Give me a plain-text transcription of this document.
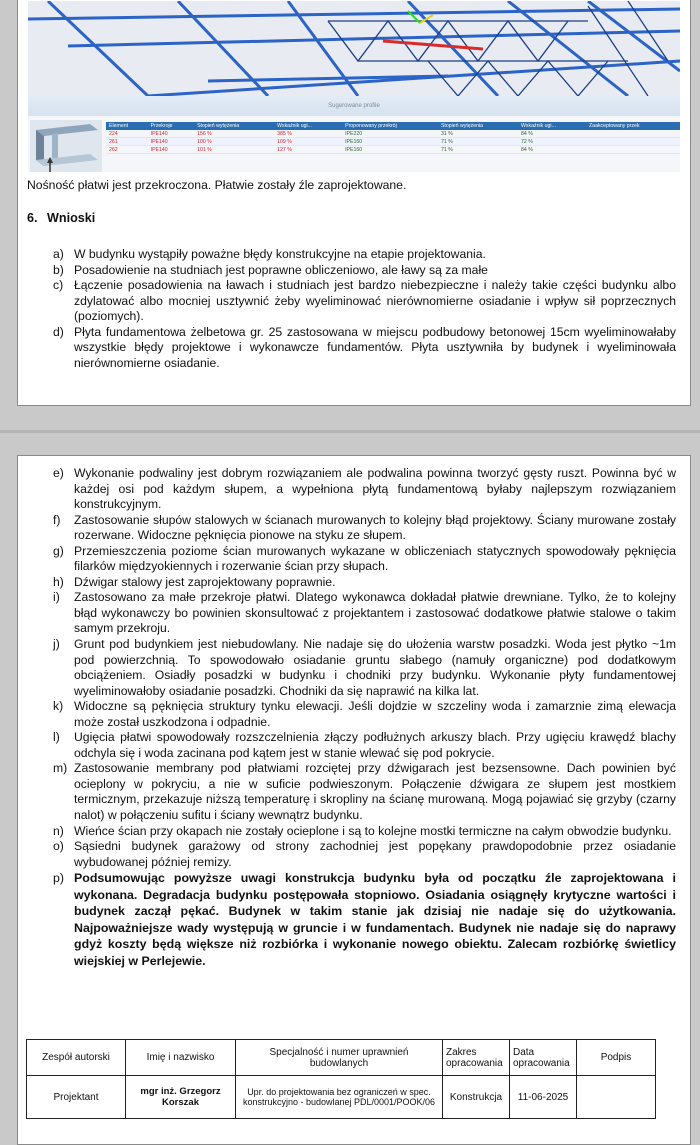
Sugerowane profile
Element	Przekroje	Stopień wytężenia	Wskaźnik ugi...	Proponowany przekrój	Stopień wytężenia	Wskaźnik ugi...	Zaakceptowany przek
224	IPE140	156 %	385 %	IPE220	31 %	84 %	
261	IPE140	100 %	109 %	IPE160	71 %	72 %	
262	IPE140	101 %	127 %	IPE160	71 %	84 %	
Nośność płatwi jest przekroczona. Płatwie zostały źle zaprojektowane.
6. Wnioski
a) W budynku wystąpiły poważne błędy konstrukcyjne na etapie projektowania.
b) Posadowienie na studniach jest poprawne obliczeniowo, ale ławy są za małe
c) Łączenie posadowienia na ławach i studniach jest bardzo niebezpieczne i należy takie części budynku albo zdylatować albo mocniej usztywnić żeby wyeliminować nierównomierne osiadanie i wpływ sił poprzecznych (poziomych).
d) Płyta fundamentowa żelbetowa gr. 25 zastosowana w miejscu podbudowy betonowej 15cm wyeliminowałaby wszystkie błędy projektowe i wykonawcze fundamentów. Płyta usztywniła by budynek i wyeliminowała nierównomierne osiadanie.
e) Wykonanie podwaliny jest dobrym rozwiązaniem ale podwalina powinna tworzyć gęsty ruszt. Powinna być w każdej osi pod każdym słupem, a wypełniona płytą fundamentową byłaby najlepszym rozwiązaniem konstrukcyjnym.
f) Zastosowanie słupów stalowych w ścianach murowanych to kolejny błąd projektowy. Ściany murowane zostały rozerwane. Widoczne pęknięcia pionowe na styku ze słupem.
g) Przemieszczenia poziome ścian murowanych wykazane w obliczeniach statycznych spowodowały pęknięcia filarków międzyokiennych i rozerwanie ścian przy słupach.
h) Dźwigar stalowy jest zaprojektowany poprawnie.
i) Zastosowano za małe przekroje płatwi. Dlatego wykonawca dokładał płatwie drewniane. Tylko, że to kolejny błąd wykonawczy bo powinien skonsultować z projektantem i zastosować dodatkowe płatwie stalowe o takim samym przekroju.
j) Grunt pod budynkiem jest niebudowlany. Nie nadaje się do ułożenia warstw posadzki. Woda jest płytko ~1m pod powierzchnią. To spowodowało osiadanie gruntu słabego (namuły organiczne) pod dodatkowym obciążeniem. Osiadły posadzki w budynku i chodniki przy budynku. Wykonanie płyty fundamentowej wyeliminowałoby osiadanie posadzki. Chodniki da się naprawić na kilka lat.
k) Widoczne są pęknięcia struktury tynku elewacji. Jeśli dojdzie w szczeliny woda i zamarznie zimą elewacja może został uszkodzona i odpadnie.
l) Ugięcia płatwi spowodowały rozszczelnienia złączy podłużnych arkuszy blach. Przy ugięciu krawędź blachy odchyla się i woda zacinana pod kątem jest w stanie wlewać się pod pokrycie.
m) Zastosowanie membrany pod płatwiami rozciętej przy dźwigarach jest bezsensowne. Dach powinien być ocieplony w pokryciu, a nie w suficie podwieszonym. Połączenie dźwigara ze słupem jest mostkiem termicznym, przekazuje niższą temperaturę i skropliny na ścianę murowaną. Mogą pojawiać się grzyby (czarny nalot) w połączeniu sufitu i ściany wewnątrz budynku.
n) Wieńce ścian przy okapach nie zostały ocieplone i są to kolejne mostki termiczne na całym obwodzie budynku.
o) Sąsiedni budynek garażowy od strony zachodniej jest popękany prawdopodobnie przez osiadanie wybudowanej później remizy.
p) Podsumowując powyższe uwagi konstrukcja budynku była od początku źle zaprojektowana i wykonana. Degradacja budynku postępowała stopniowo. Osiadania osiągnęły krytyczne wartości i budynek zaczął pękać. Budynek w takim stanie jak dzisiaj nie nadaje się do użytkowania. Najpoważniejsze wady występują w gruncie i w fundamentach. Budynek nie nadaje się do naprawy gdyż koszty będą większe niż rozbiórka i wykonanie nowego obiektu. Zalecam rozbiórkę świetlicy wiejskiej w Perlejewie.
Zespół autorski	Imię i nazwisko	Specjalność i numer uprawnień budowlanych	Zakres opracowania	Data opracowania	Podpis
Projektant	mgr inż. Grzegorz Korszak	Upr. do projektowania bez ograniczeń w spec. konstrukcyjno - budowlanej PDL/0001/POOK/06	Konstrukcja	11-06-2025	
